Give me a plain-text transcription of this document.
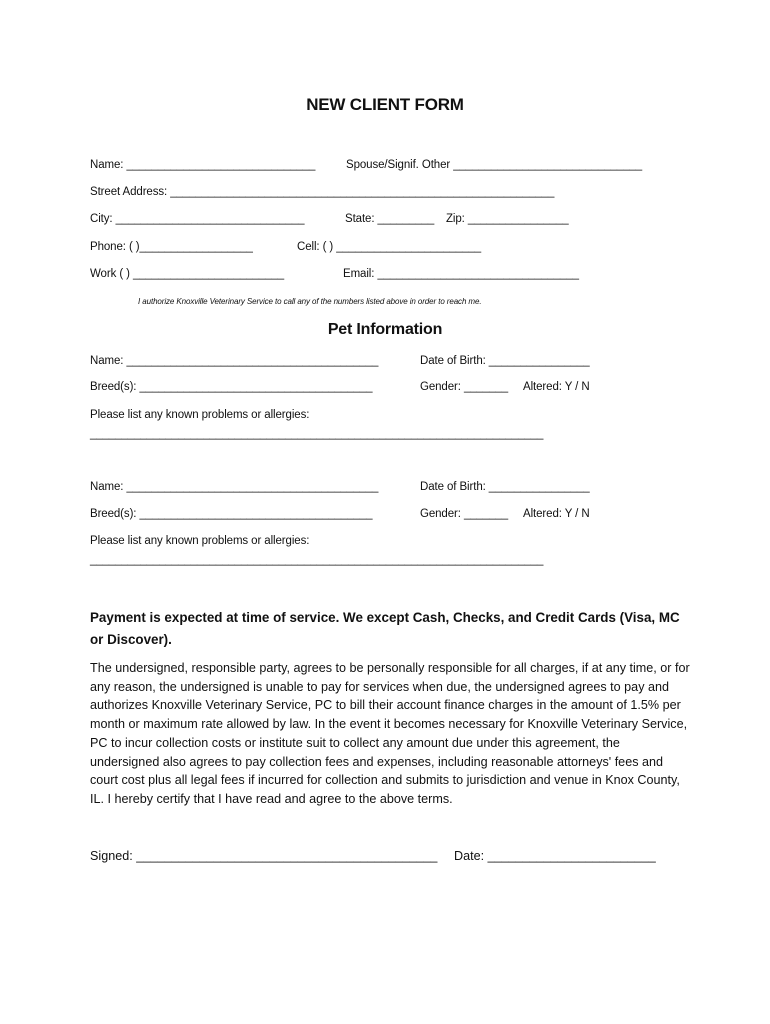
NEW CLIENT FORM
Name: ______________________________	Spouse/Signif. Other ______________________________
Street Address: _____________________________________________________________
City: ______________________________	State: _________ Zip: ________________
Phone: ( )__________________	Cell: ( ) _______________________
Work ( ) ________________________	Email: ________________________________
I authorize Knoxville Veterinary Service to call any of the numbers listed above in order to reach me.
Pet Information
Name: ________________________________________	Date of Birth: ________________
Breed(s): _____________________________________	Gender: _______ Altered: Y / N
Please list any known problems or allergies:
________________________________________________________________________
Name: ________________________________________	Date of Birth: ________________
Breed(s): _____________________________________	Gender: _______ Altered: Y / N
Please list any known problems or allergies:
________________________________________________________________________
Payment is expected at time of service. We except Cash, Checks, and Credit Cards (Visa, MC or Discover).
The undersigned, responsible party, agrees to be personally responsible for all charges, if at any time, or for any reason, the undersigned is unable to pay for services when due, the undersigned agrees to pay and authorizes Knoxville Veterinary Service, PC to bill their account finance charges in the amount of 1.5% per month or maximum rate allowed by law. In the event it becomes necessary for Knoxville Veterinary Service, PC to incur collection costs or institute suit to collect any amount due under this agreement, the undersigned also agrees to pay collection fees and expenses, including reasonable attorneys' fees and court cost plus all legal fees if incurred for collection and submits to jurisdiction and venue in Knox County, IL. I hereby certify that I have read and agree to the above terms.
Signed: ___________________________________________ Date: ________________________
